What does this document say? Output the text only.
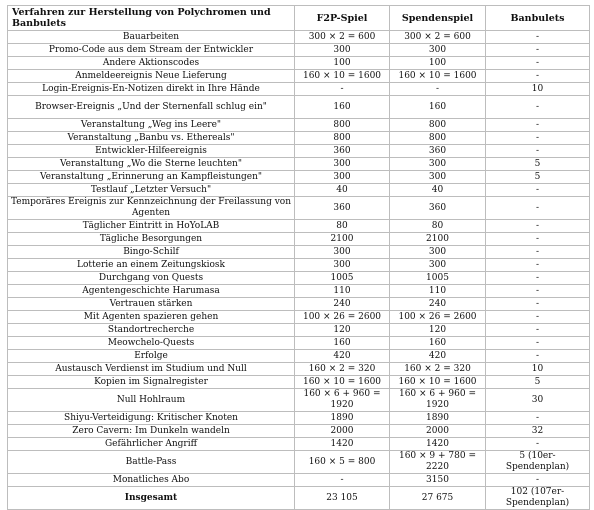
Verfahren zur Herstellung von Polychromen und Banbulets	F2P-Spiel	Spendenspiel	Banbulets
Bauarbeiten	300 × 2 = 600	300 × 2 = 600	-
Promo-Code aus dem Stream der Entwickler	300	300	-
Andere Aktionscodes	100	100	-
Anmeldeereignis Neue Lieferung	160 × 10 = 1600	160 × 10 = 1600	-
Login-Ereignis-En-Notizen direkt in Ihre Hände	-	-	10
Browser-Ereignis „Und der Sternenfall schlug ein"	160	160	-
Veranstaltung „Weg ins Leere"	800	800	-
Veranstaltung „Banbu vs. Ethereals"	800	800	-
Entwickler-Hilfeereignis	360	360	-
Veranstaltung „Wo die Sterne leuchten"	300	300	5
Veranstaltung „Erinnerung an Kampfleistungen"	300	300	5
Testlauf „Letzter Versuch"	40	40	-
Temporäres Ereignis zur Kennzeichnung der Freilassung von Agenten	360	360	-
Täglicher Eintritt in HoYoLAB	80	80	-
Tägliche Besorgungen	2100	2100	-
Bingo-Schilf	300	300	-
Lotterie an einem Zeitungskiosk	300	300	-
Durchgang von Quests	1005	1005	-
Agentengeschichte Harumasa	110	110	-
Vertrauen stärken	240	240	-
Mit Agenten spazieren gehen	100 × 26 = 2600	100 × 26 = 2600	-
Standortrecherche	120	120	-
Meowchelo-Quests	160	160	-
Erfolge	420	420	-
Austausch Verdienst im Studium und Null	160 × 2 = 320	160 × 2 = 320	10
Kopien im Signalregister	160 × 10 = 1600	160 × 10 = 1600	5
Null Hohlraum	160 × 6 + 960 = 1920	160 × 6 + 960 = 1920	30
Shiyu-Verteidigung: Kritischer Knoten	1890	1890	-
Zero Cavern: Im Dunkeln wandeln	2000	2000	32
Gefährlicher Angriff	1420	1420	-
Battle-Pass	160 × 5 = 800	160 × 9 + 780 = 2220	5 (10er-Spendenplan)
Monatliches Abo	-	3150	-
Insgesamt	23 105	27 675	102 (107er-Spendenplan)
